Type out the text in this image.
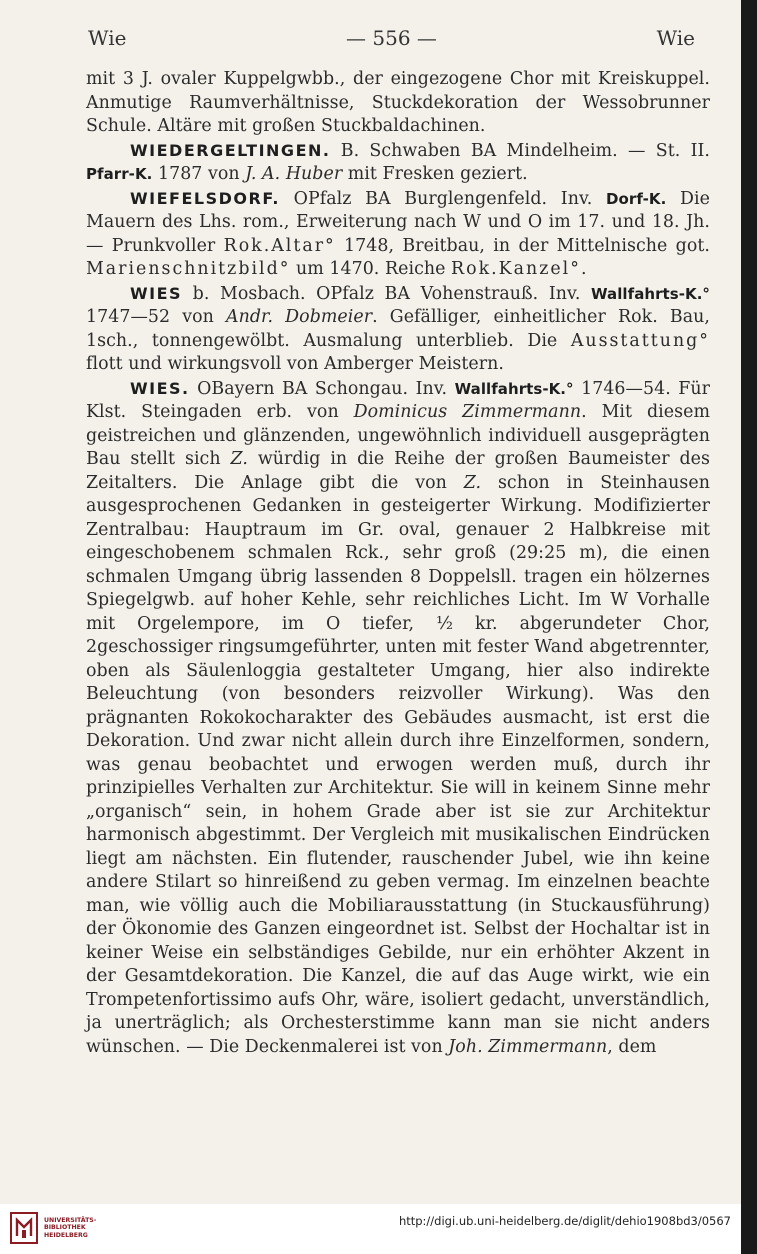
Wie	— 556 —	Wie

mit 3 J. ovaler Kuppelgwbb., der eingezogene Chor mit Kreiskuppel. Anmutige Raumverhältnisse, Stuckdekoration der Wessobrunner Schule. Altäre mit großen Stuckbaldachinen.

WIEDERGELTINGEN. B. Schwaben BA Mindelheim. — St. II. Pfarr-K. 1787 von J. A. Huber mit Fresken geziert.

WIEFELSDORF. OPfalz BA Burglengenfeld. Inv. Dorf-K. Die Mauern des Lhs. rom., Erweiterung nach W und O im 17. und 18. Jh. — Prunkvoller Rok.Altar° 1748, Breitbau, in der Mittelnische got. Marienschnitzbild° um 1470. Reiche Rok.Kanzel°.

WIES b. Mosbach. OPfalz BA Vohenstrauß. Inv. Wallfahrts-K.° 1747—52 von Andr. Dobmeier. Gefälliger, einheitlicher Rok. Bau, 1sch., tonnengewölbt. Ausmalung unterblieb. Die Ausstattung° flott und wirkungsvoll von Amberger Meistern.

WIES. OBayern BA Schongau. Inv. Wallfahrts-K.° 1746—54. Für Klst. Steingaden erb. von Dominicus Zimmermann. Mit diesem geistreichen und glänzenden, ungewöhnlich individuell ausgeprägten Bau stellt sich Z. würdig in die Reihe der großen Baumeister des Zeitalters. Die Anlage gibt die von Z. schon in Steinhausen ausgesprochenen Gedanken in gesteigerter Wirkung. Modifizierter Zentralbau: Hauptraum im Gr. oval, genauer 2 Halbkreise mit eingeschobenem schmalen Rck., sehr groß (29:25 m), die einen schmalen Umgang übrig lassenden 8 Doppelsll. tragen ein hölzernes Spiegelgwb. auf hoher Kehle, sehr reichliches Licht. Im W Vorhalle mit Orgelempore, im O tiefer, ½ kr. abgerundeter Chor, 2geschossiger ringsumgeführter, unten mit fester Wand abgetrennter, oben als Säulenloggia gestalteter Umgang, hier also indirekte Beleuchtung (von besonders reizvoller Wirkung). Was den prägnanten Rokokocharakter des Gebäudes ausmacht, ist erst die Dekoration. Und zwar nicht allein durch ihre Einzelformen, sondern, was genau beobachtet und erwogen werden muß, durch ihr prinzipielles Verhalten zur Architektur. Sie will in keinem Sinne mehr „organisch“ sein, in hohem Grade aber ist sie zur Architektur harmonisch abgestimmt. Der Vergleich mit musikalischen Eindrücken liegt am nächsten. Ein flutender, rauschender Jubel, wie ihn keine andere Stilart so hinreißend zu geben vermag. Im einzelnen beachte man, wie völlig auch die Mobiliarausstattung (in Stuckausführung) der Ökonomie des Ganzen eingeordnet ist. Selbst der Hochaltar ist in keiner Weise ein selbständiges Gebilde, nur ein erhöhter Akzent in der Gesamtdekoration. Die Kanzel, die auf das Auge wirkt, wie ein Trompetenfortissimo aufs Ohr, wäre, isoliert gedacht, unverständlich, ja unerträglich; als Orchesterstimme kann man sie nicht anders wünschen. — Die Deckenmalerei ist von Joh. Zimmermann, dem

UNIVERSITÄTS-
BIBLIOTHEK
HEIDELBERG
http://digi.ub.uni-heidelberg.de/diglit/dehio1908bd3/0567
